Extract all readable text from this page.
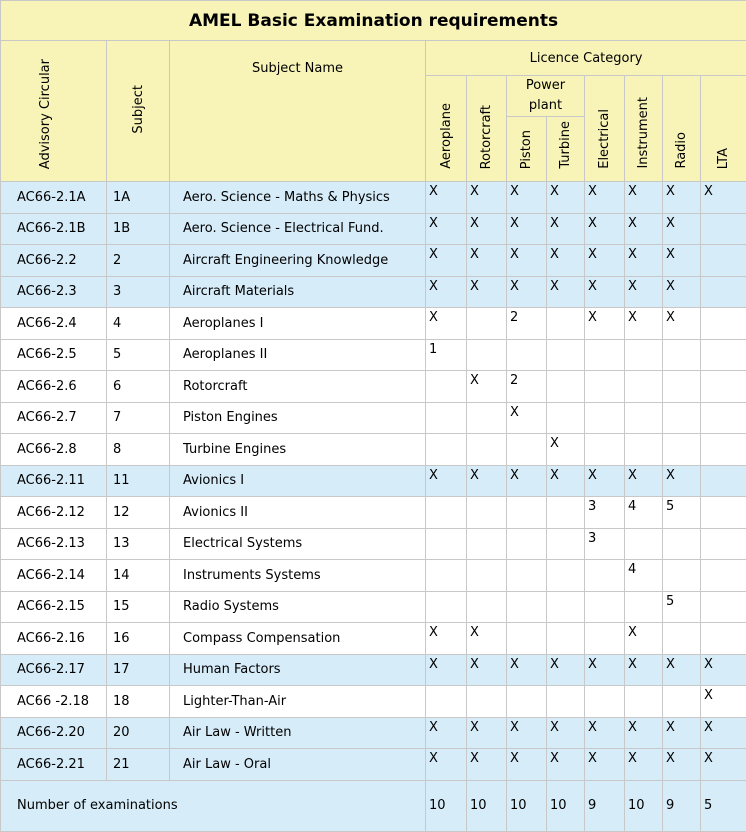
AMEL Basic Examination requirements										
Advisory Circular	Subject	Subject Name	Licence Category							
			Aeroplane	Rotorcraft	Power plant		Electrical	Instrument	Radio	LTA
					Piston	Turbine				
AC66-2.1A	1A	Aero. Science - Maths & Physics	X	X	X	X	X	X	X	X
AC66-2.1B	1B	Aero. Science - Electrical Fund.	X	X	X	X	X	X	X	
AC66-2.2	2	Aircraft Engineering Knowledge	X	X	X	X	X	X	X	
AC66-2.3	3	Aircraft Materials	X	X	X	X	X	X	X	
AC66-2.4	4	Aeroplanes I	X		2		X	X	X	
AC66-2.5	5	Aeroplanes II	1							
AC66-2.6	6	Rotorcraft		X	2					
AC66-2.7	7	Piston Engines			X					
AC66-2.8	8	Turbine Engines				X				
AC66-2.11	11	Avionics I	X	X	X	X	X	X	X	
AC66-2.12	12	Avionics II					3	4	5	
AC66-2.13	13	Electrical Systems					3			
AC66-2.14	14	Instruments Systems						4		
AC66-2.15	15	Radio Systems							5	
AC66-2.16	16	Compass Compensation	X	X				X		
AC66-2.17	17	Human Factors	X	X	X	X	X	X	X	X
AC66 -2.18	18	Lighter-Than-Air								X
AC66-2.20	20	Air Law - Written	X	X	X	X	X	X	X	X
AC66-2.21	21	Air Law - Oral	X	X	X	X	X	X	X	X
Number of examinations			10	10	10	10	9	10	9	5
